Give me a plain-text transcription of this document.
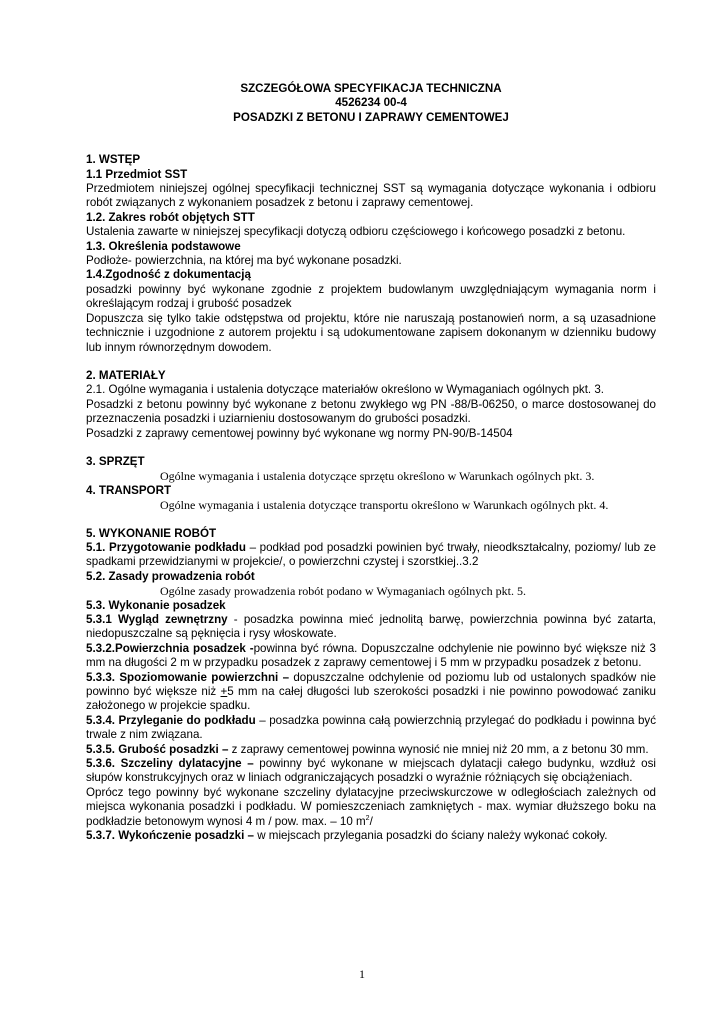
SZCZEGÓŁOWA SPECYFIKACJA TECHNICZNA

4526234 00-4

POSADZKI Z BETONU I ZAPRAWY CEMENTOWEJ

1. WSTĘP

1.1 Przedmiot SST

Przedmiotem niniejszej ogólnej specyfikacji technicznej SST są wymagania dotyczące wykonania i odbioru robót związanych z wykonaniem posadzek z betonu i zaprawy cementowej.

1.2. Zakres robót objętych STT

Ustalenia zawarte w niniejszej specyfikacji dotyczą odbioru częściowego i końcowego posadzki z betonu.

1.3. Określenia podstawowe

Podłoże- powierzchnia, na której ma być wykonane posadzki.

1.4.Zgodność z dokumentacją

posadzki powinny być wykonane zgodnie z projektem budowlanym uwzględniającym wymagania norm i określającym rodzaj i grubość posadzek

Dopuszcza się tylko takie odstępstwa od projektu, które nie naruszają postanowień norm, a są uzasadnione technicznie i uzgodnione z autorem projektu i są udokumentowane zapisem dokonanym w dzienniku budowy lub innym równorzędnym dowodem.

2. MATERIAŁY

2.1. Ogólne wymagania i ustalenia dotyczące materiałów określono w Wymaganiach ogólnych pkt. 3.

Posadzki z betonu powinny być wykonane z betonu zwykłego wg PN -88/B-06250, o marce dostosowanej do przeznaczenia posadzki i uziarnieniu dostosowanym do grubości posadzki.

Posadzki z zaprawy cementowej powinny być wykonane wg normy PN-90/B-14504

3. SPRZĘT

Ogólne wymagania i ustalenia dotyczące sprzętu określono w Warunkach ogólnych pkt. 3.

4. TRANSPORT

Ogólne wymagania i ustalenia dotyczące transportu określono w Warunkach ogólnych pkt. 4.

5. WYKONANIE ROBÓT

5.1. Przygotowanie podkładu – podkład pod posadzki powinien być trwały, nieodkształcalny, poziomy/ lub ze spadkami przewidzianymi w projekcie/, o powierzchni czystej i szorstkiej..3.2

5.2. Zasady prowadzenia robót

Ogólne zasady prowadzenia robót podano w Wymaganiach ogólnych pkt. 5.

5.3. Wykonanie posadzek

5.3.1 Wygląd zewnętrzny - posadzka powinna mieć jednolitą barwę, powierzchnia powinna być zatarta, niedopuszczalne są pęknięcia i rysy włoskowate.

5.3.2.Powierzchnia posadzek -powinna być równa. Dopuszczalne odchylenie nie powinno być większe niż 3 mm na długości 2 m w przypadku posadzek z zaprawy cementowej i 5 mm w przypadku posadzek z betonu.

5.3.3. Spoziomowanie powierzchni – dopuszczalne odchylenie od poziomu lub od ustalonych spadków nie powinno być większe niż +5 mm na całej długości lub szerokości posadzki i nie powinno powodować zaniku założonego w projekcie spadku.

5.3.4. Przyleganie do podkładu – posadzka powinna całą powierzchnią przylegać do podkładu i powinna być trwale z nim związana.

5.3.5. Grubość posadzki – z zaprawy cementowej powinna wynosić nie mniej niż 20 mm, a z betonu 30 mm.

5.3.6. Szczeliny dylatacyjne – powinny być wykonane w miejscach dylatacji całego budynku, wzdłuż osi słupów konstrukcyjnych oraz w liniach odgraniczających posadzki o wyraźnie różniących się obciążeniach.

Oprócz tego powinny być wykonane szczeliny dylatacyjne przeciwskurczowe w odległościach zależnych od miejsca wykonania posadzki i podkładu. W pomieszczeniach zamkniętych - max. wymiar dłuższego boku na podkładzie betonowym wynosi 4 m / pow. max. – 10 $m^2/$

5.3.7. Wykończenie posadzki – w miejscach przylegania posadzki do ściany należy wykonać cokoły.

1
